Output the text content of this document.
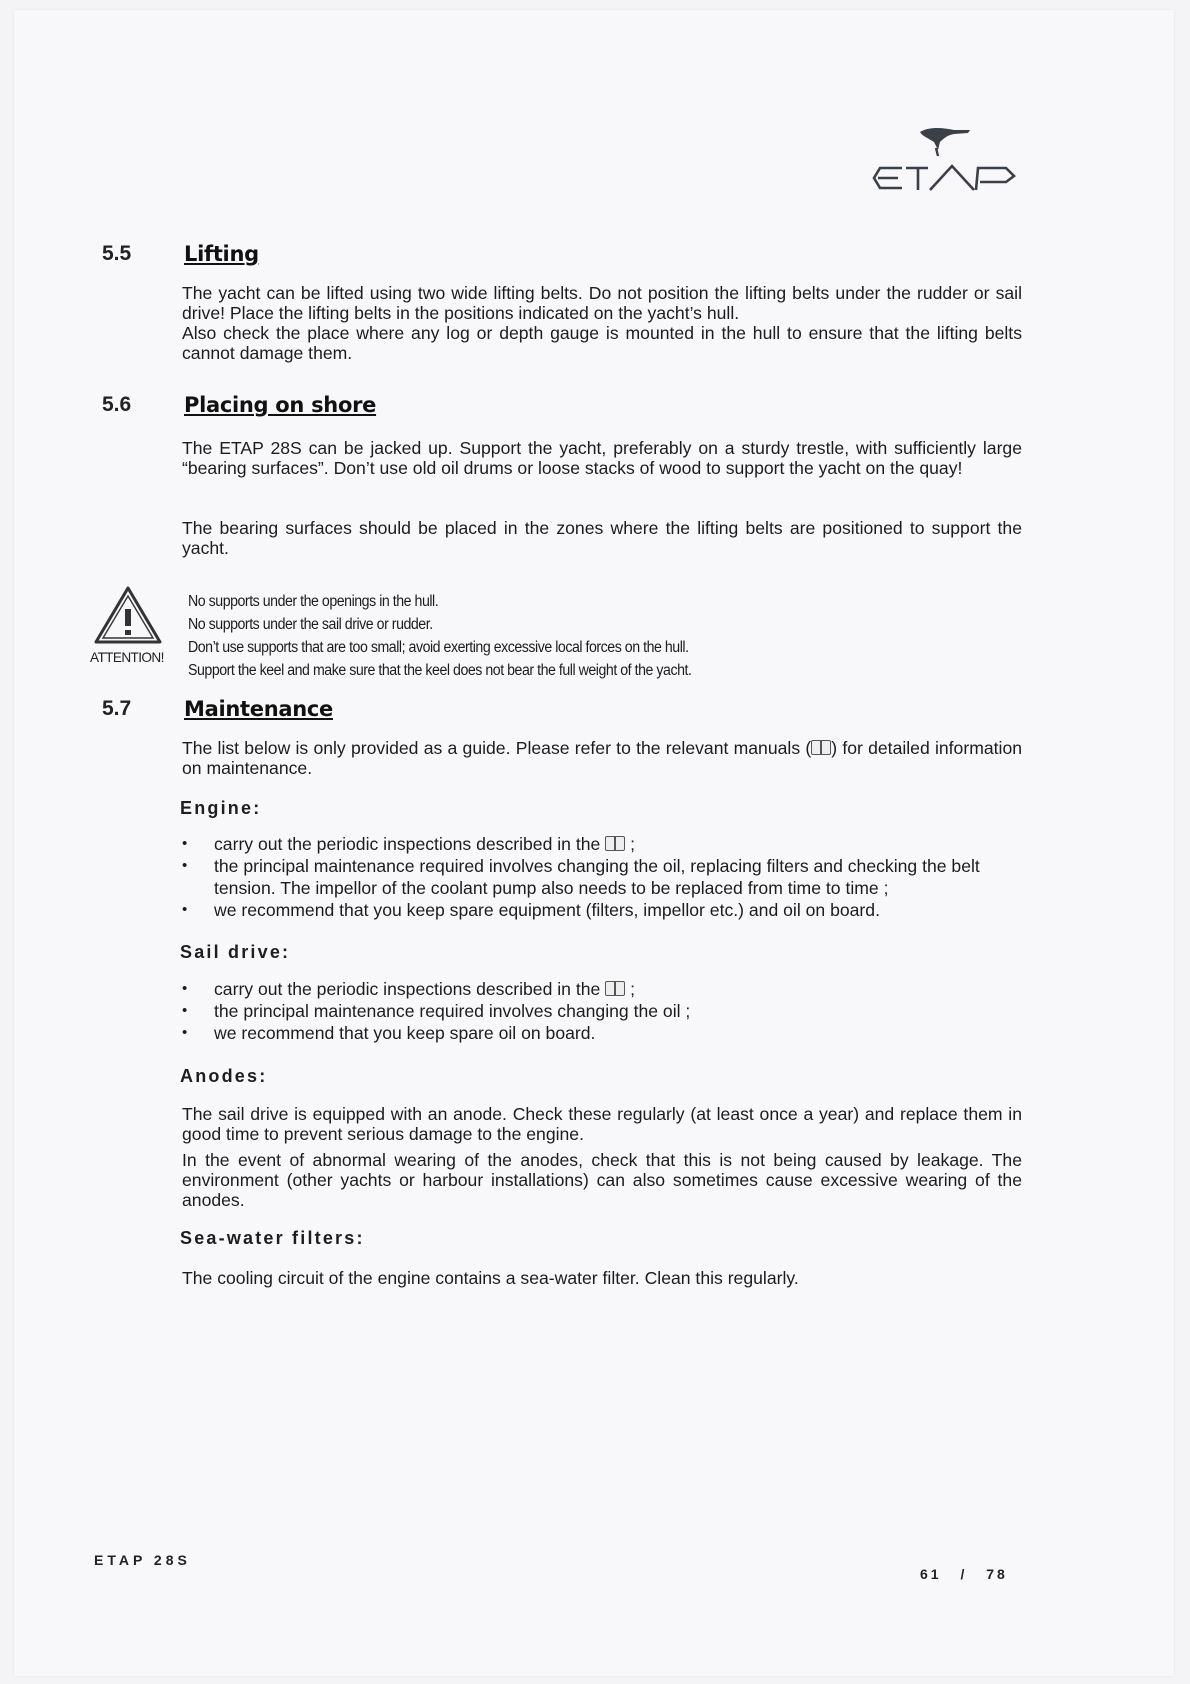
5.5	Lifting

The yacht can be lifted using two wide lifting belts. Do not position the lifting belts under the rudder or sail drive! Place the lifting belts in the positions indicated on the yacht’s hull.

Also check the place where any log or depth gauge is mounted in the hull to ensure that the lifting belts cannot damage them.

5.6	Placing on shore
The ETAP 28S can be jacked up. Support the yacht, preferably on a sturdy trestle, with sufficiently large “bearing surfaces”. Don’t use old oil drums or loose stacks of wood to support the yacht on the quay!
The bearing surfaces should be placed in the zones where the lifting belts are positioned to support the yacht.
ATTENTION!

No supports under the openings in the hull.

No supports under the sail drive or rudder.

Don’t use supports that are too small; avoid exerting excessive local forces on the hull.

Support the keel and make sure that the keel does not bear the full weight of the yacht.

5.7	Maintenance
The list below is only provided as a guide. Please refer to the relevant manuals ( ) for detailed information on maintenance.
Engine:
• carry out the periodic inspections described in the  ;
• the principal maintenance required involves changing the oil, replacing filters and checking the belt tension. The impellor of the coolant pump also needs to be replaced from time to time ;
• we recommend that you keep spare equipment (filters, impellor etc.) and oil on board.
Sail drive:
• carry out the periodic inspections described in the  ;
• the principal maintenance required involves changing the oil ;
• we recommend that you keep spare oil on board.
Anodes:
The sail drive is equipped with an anode. Check these regularly (at least once a year) and replace them in good time to prevent serious damage to the engine.
In the event of abnormal wearing of the anodes, check that this is not being caused by leakage. The environment (other yachts or harbour installations) can also sometimes cause excessive wearing of the anodes.
Sea-water filters:
The cooling circuit of the engine contains a sea-water filter. Clean this regularly.
ETAP 28S
61 / 78
